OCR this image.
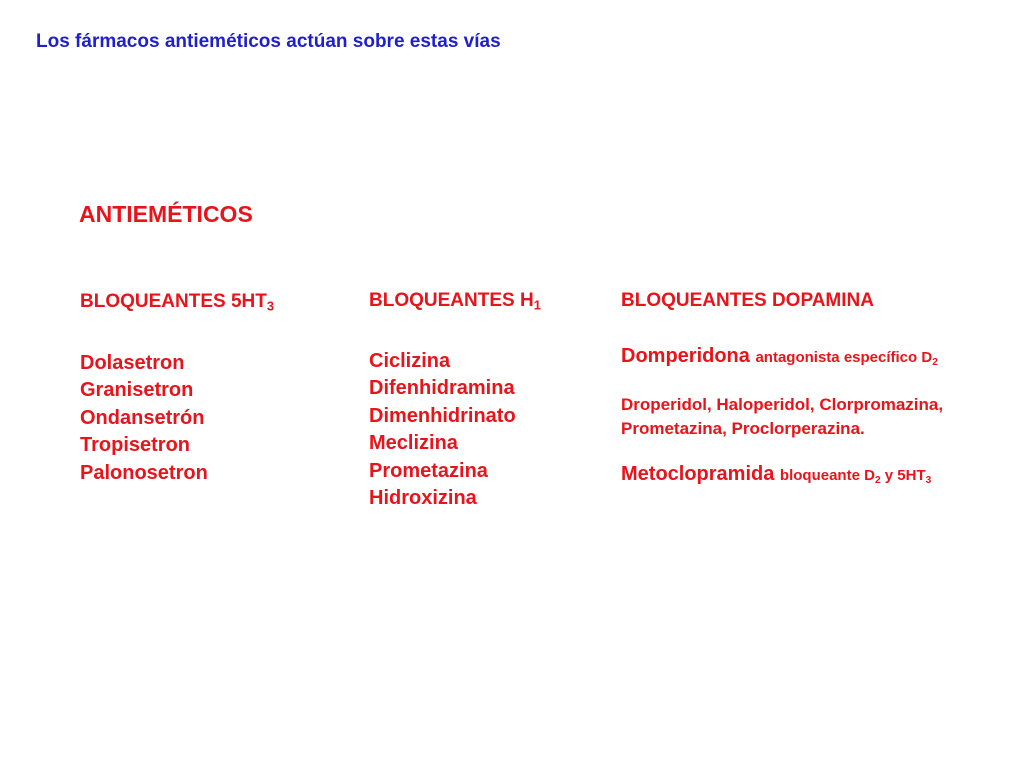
Los fármacos antieméticos actúan sobre estas vías
ANTIEMÉTICOS
BLOQUEANTES $5HT_3$
Dolasetron
Granisetron
Ondansetrón
Tropisetron
Palonosetron
BLOQUEANTES $H_1$
Ciclizina
Difenhidramina
Dimenhidrinato
Meclizina
Prometazina
Hidroxizina
BLOQUEANTES DOPAMINA
Domperidona antagonista específico $D_2$
Droperidol, Haloperidol, Clorpromazina,
Prometazina, Proclorperazina.
Metoclopramida bloqueante $D_2$ y $5HT_3$
